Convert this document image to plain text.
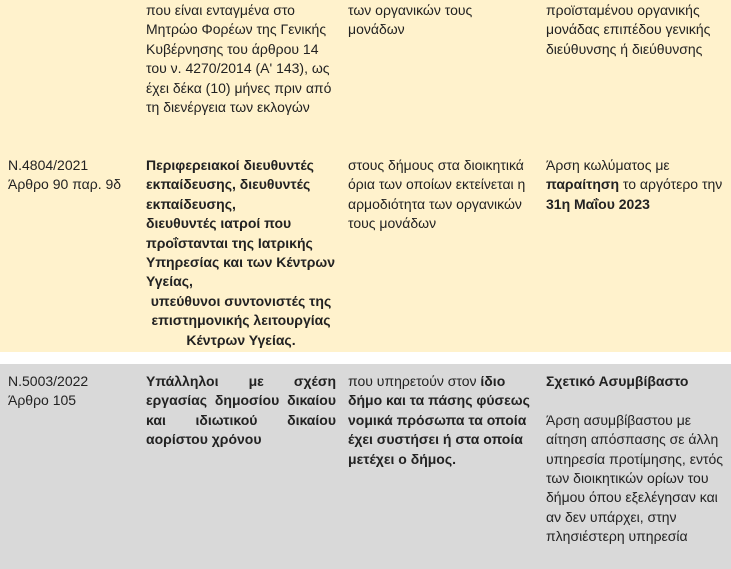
που είναι ενταγμένα στο Μητρώο Φορέων της Γενικής Κυβέρνησης του άρθρου 14 του ν. 4270/2014 (Α' 143), ως έχει δέκα (10) μήνες πριν από τη διενέργεια των εκλογών
των οργανικών τους μονάδων
προϊσταμένου οργανικής μονάδας επιπέδου γενικής διεύθυνσης ή διεύθυνσης

N.4804/2021

Άρθρο 90 παρ. 9δ

Περιφερειακοί διευθυντές εκπαίδευσης, διευθυντές εκπαίδευσης,

διευθυντές ιατροί που προΐστανται της Ιατρικής Υπηρεσίας και των Κέντρων Υγείας,

υπεύθυνοι συντονιστές της επιστημονικής λειτουργίας Κέντρων Υγείας.

στους δήμους στα διοικητικά όρια των οποίων εκτείνεται η αρμοδιότητα των οργανικών τους μονάδων
Άρση κωλύματος με παραίτηση το αργότερο την 31η Μαΐου 2023

N.5003/2022

Άρθρο 105

Υπάλληλοι με σχέση εργασίας δημοσίου δικαίου και ιδιωτικού δικαίου αορίστου χρόνου
που υπηρετούν στον ίδιο δήμο και τα πάσης φύσεως νομικά πρόσωπα τα οποία έχει συστήσει ή στα οποία μετέχει ο δήμος.

Σχετικό Ασυμβίβαστο

Άρση ασυμβίβαστου με αίτηση απόσπασης σε άλλη υπηρεσία προτίμησης, εντός των διοικητικών ορίων του δήμου όπου εξελέγησαν και αν δεν υπάρχει, στην πλησιέστερη υπηρεσία
